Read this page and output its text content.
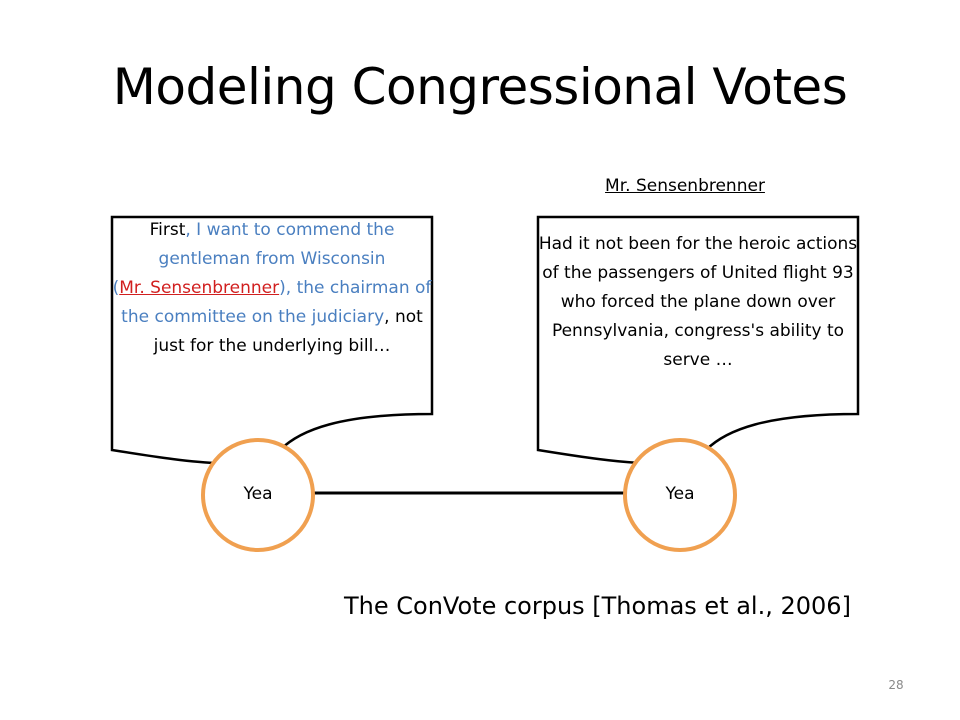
Modeling Congressional Votes
Mr. Sensenbrenner
First, I want to commend the gentleman from Wisconsin
(Mr. Sensenbrenner), the chairman of the committee on the judiciary, not just for the underlying bill…
Had it not been for the heroic actions of the passengers of United flight 93 who forced the plane down over Pennsylvania, congress's ability to serve …
Yea	Yea
The ConVote corpus [Thomas et al., 2006]
28
